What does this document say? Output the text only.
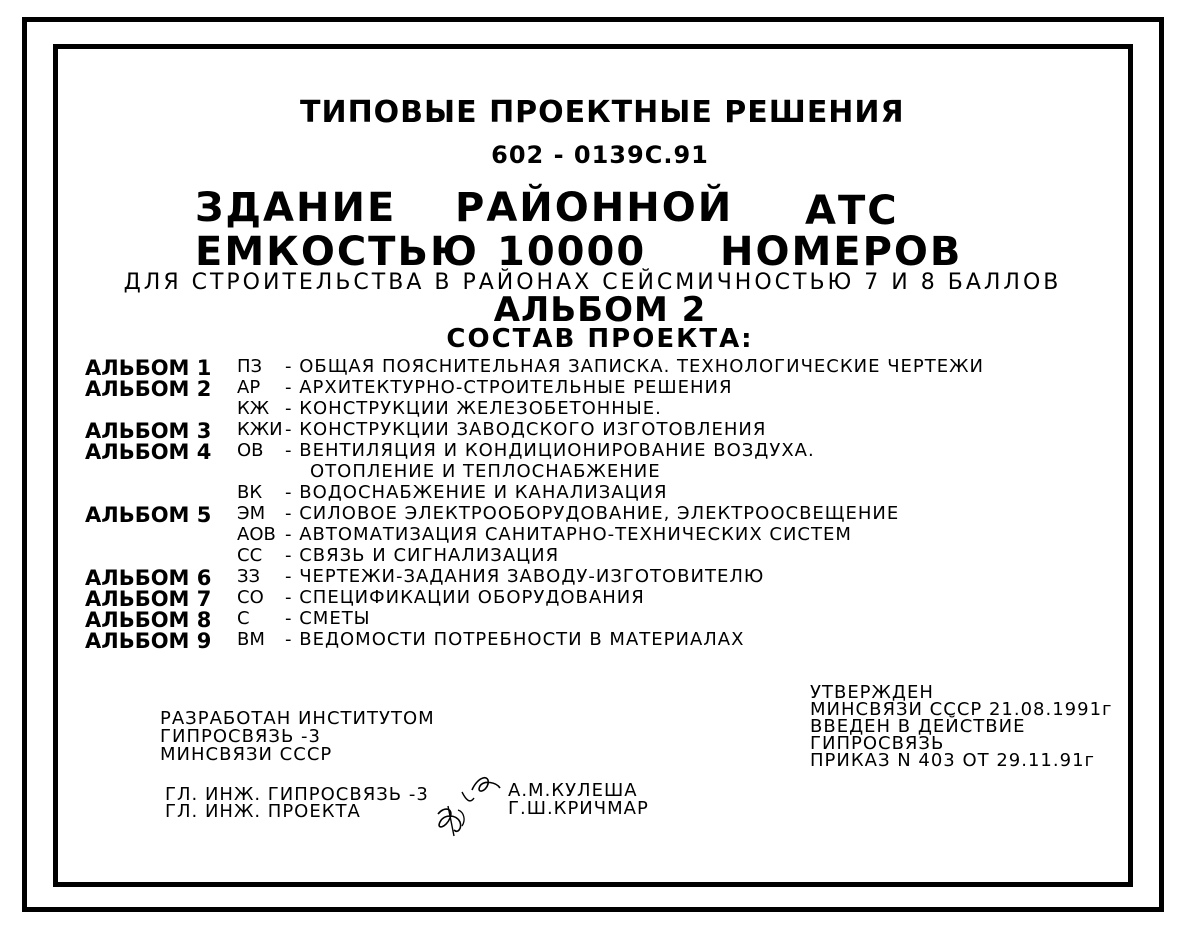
ТИПОВЫЕ ПРОЕКТНЫЕ РЕШЕНИЯ
602 - 0139С.91
ЗДАНИЕ РАЙОННОЙ АТС
ЕМКОСТЬЮ 10000 НОМЕРОВ
ДЛЯ СТРОИТЕЛЬСТВА В РАЙОНАХ СЕЙСМИЧНОСТЬЮ 7 И 8 БАЛЛОВ
АЛЬБОМ 2
СОСТАВ ПРОЕКТА:
АЛЬБОМ 1 ПЗ - ОБЩАЯ ПОЯСНИТЕЛЬНАЯ ЗАПИСКА. ТЕХНОЛОГИЧЕСКИЕ ЧЕРТЕЖИ
АЛЬБОМ 2 АР - АРХИТЕКТУРНО-СТРОИТЕЛЬНЫЕ РЕШЕНИЯ
КЖ - КОНСТРУКЦИИ ЖЕЛЕЗОБЕТОННЫЕ.
АЛЬБОМ 3 КЖИ - КОНСТРУКЦИИ ЗАВОДСКОГО ИЗГОТОВЛЕНИЯ
АЛЬБОМ 4 ОВ - ВЕНТИЛЯЦИЯ И КОНДИЦИОНИРОВАНИЕ ВОЗДУХА.
ОТОПЛЕНИЕ И ТЕПЛОСНАБЖЕНИЕ
ВК - ВОДОСНАБЖЕНИЕ И КАНАЛИЗАЦИЯ
АЛЬБОМ 5 ЭМ - СИЛОВОЕ ЭЛЕКТРООБОРУДОВАНИЕ, ЭЛЕКТРООСВЕЩЕНИЕ
АОВ - АВТОМАТИЗАЦИЯ САНИТАРНО-ТЕХНИЧЕСКИХ СИСТЕМ
СС - СВЯЗЬ И СИГНАЛИЗАЦИЯ
АЛЬБОМ 6 ЗЗ - ЧЕРТЕЖИ-ЗАДАНИЯ ЗАВОДУ-ИЗГОТОВИТЕЛЮ
АЛЬБОМ 7 СО - СПЕЦИФИКАЦИИ ОБОРУДОВАНИЯ
АЛЬБОМ 8 С - СМЕТЫ
АЛЬБОМ 9 ВМ - ВЕДОМОСТИ ПОТРЕБНОСТИ В МАТЕРИАЛАХ
РАЗРАБОТАН ИНСТИТУТОМ
ГИПРОСВЯЗЬ -3
МИНСВЯЗИ СССР
УТВЕРЖДЕН
МИНСВЯЗИ СССР 21.08.1991г
ВВЕДЕН В ДЕЙСТВИЕ
ГИПРОСВЯЗЬ
ПРИКАЗ N 403 ОТ 29.11.91г
ГЛ. ИНЖ. ГИПРОСВЯЗЬ -3	А.М.КУЛЕША
ГЛ. ИНЖ. ПРОЕКТА	Г.Ш.КРИЧМАР
